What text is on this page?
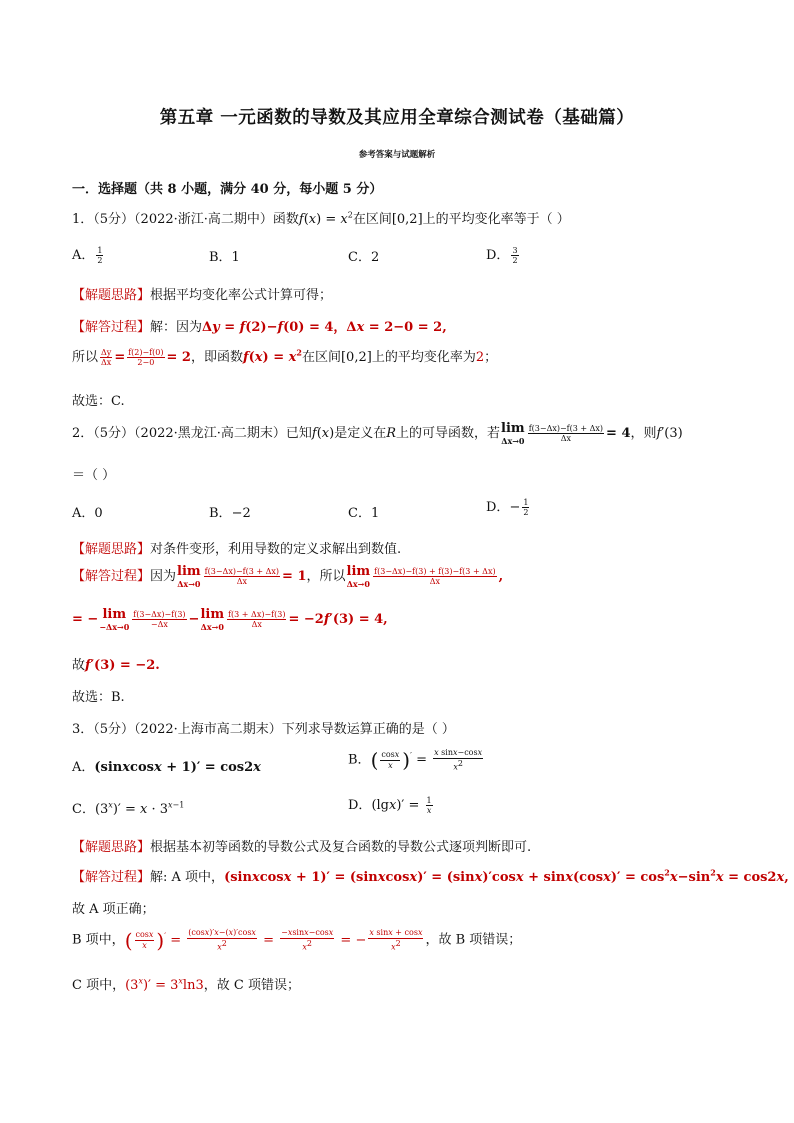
第五章 一元函数的导数及其应用全章综合测试卷（基础篇）
参考答案与试题解析
一．选择题（共 8 小题，满分 40 分，每小题 5 分）
1．（5分）（2022·浙江·高二期中）函数$f(x) = x^2$在区间[0,2]上的平均变化率等于（ ）
A． $\frac{1}{2}$	B．1	C．2	D． $\frac{3}{2}$
【解题思路】根据平均变化率公式计算可得；
【解答过程】解：因为Δy = f(2)−f(0) = 4，Δx = 2−0 = 2,
所以 $\frac{\Delta y}{\Delta x} = \frac{f(2)-f(0)}{2-0} = 2$，即函数$f(x) = x^2$在区间[0,2]上的平均变化率为2；
故选：C.
2．（5分）（2022·黑龙江·高二期末）已知f(x)是定义在R上的可导函数，若 lim
$\Delta x\to 0 \frac{f(3-\Delta x)-f(3 + \Delta x)}{\Delta x} = 4$，则f′(3)
＝（ ）
A．0	B．−2	C．1	D．− $\frac{1}{2}$
【解题思路】对条件变形，利用导数的定义求解出到数值.
【解答过程】因为 lim
$\Delta x\to 0 \frac{f(3-\Delta x)-f(3 + \Delta x)}{\Delta x} = 1$，所以 lim
$\Delta x\to 0 \frac{f(3-\Delta x)-f(3) + f(3)-f(3 + \Delta x)}{\Delta x}$ ,
= − lim
$-\Delta x\to 0 \frac{f(3-\Delta x)-f(3)}{-\Delta x} - \lim$
$\Delta x\to 0 \frac{f(3 + \Delta x)-f(3)}{\Delta x} = -2f'(3) = 4$,
故f′(3) = −2.
故选：B.
3．（5分）（2022·上海市高二期末）下列求导数运算正确的是（ ）
A．(sinxcosx + 1)′ = cos2x	B．( $\frac{\cos x}{x} )' = \frac{\text{x sinx−cosx}}{x^2}$
C．$(3^x)' = x \cdot 3^{x-1}$	D．$(\lg x)' = \frac{1}{x}$
【解题思路】根据基本初等函数的导数公式及复合函数的导数公式逐项判断即可.
【解答过程】解: A 项中，(sinxcosx + 1)′ = (sinxcosx)′ = $(\sin x)'\cos x + \sin x(\cos x)' = \cos^2x-\sin^2x = \cos 2x$,
故 A 项正确；
B 项中，( $\frac{\cos x}{x} )' = \frac{(\cos x)'x-(x)'\cos x}{x^2} = \frac{-xsinx-\cos x}{x^2}$ = − $\frac{\text{x sinx + cosx}}{x^2}$ ，故 B 项错误；
C 项中，$(3^x)' = 3^x\ln 3$，故 C 项错误；
